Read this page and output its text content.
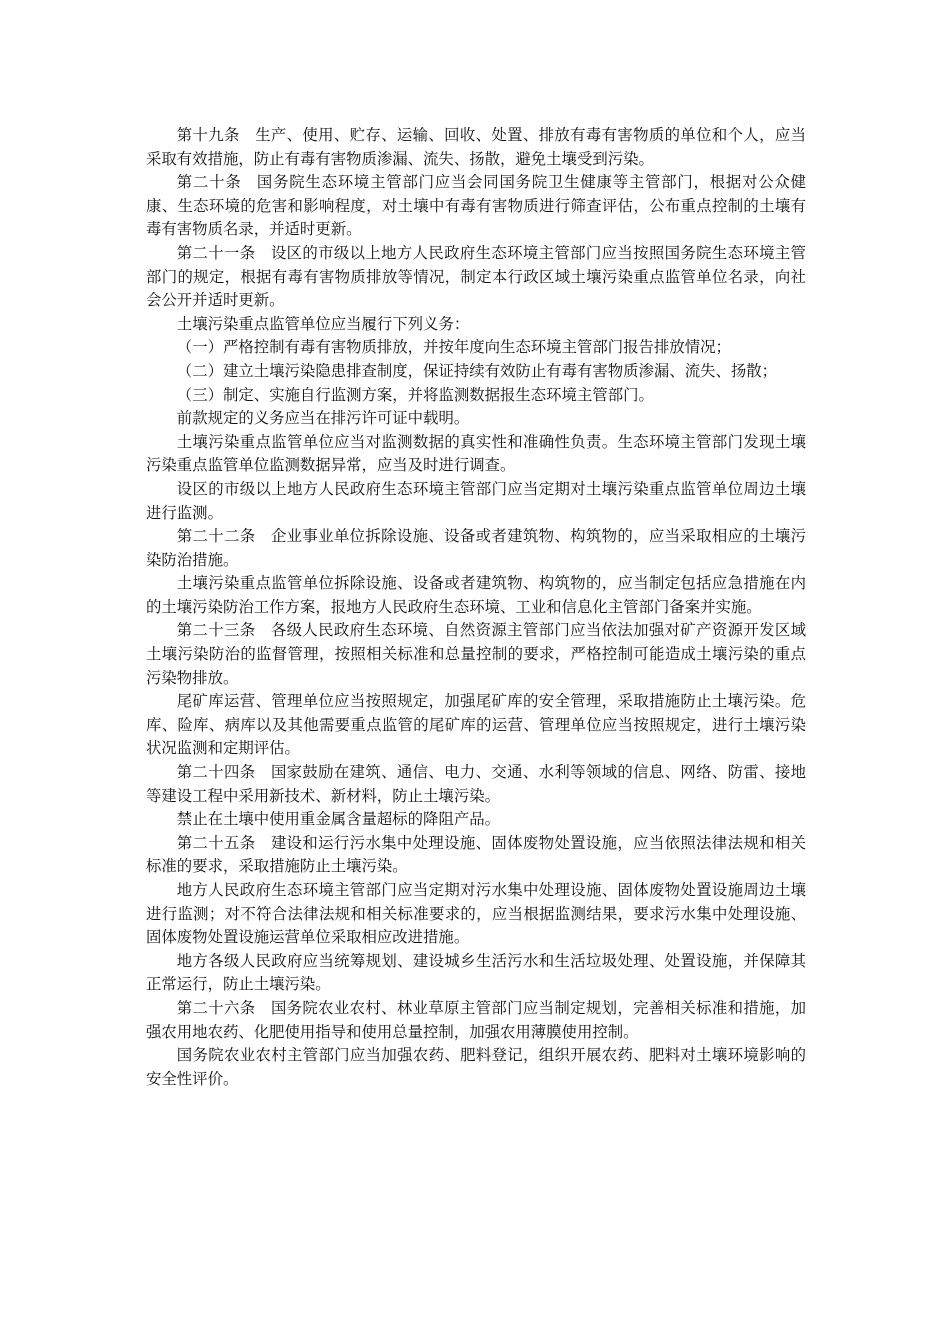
第十九条 生产、使用、贮存、运输、回收、处置、排放有毒有害物质的单位和个人，应当采取有效措施，防止有毒有害物质渗漏、流失、扬散，避免土壤受到污染。

第二十条 国务院生态环境主管部门应当会同国务院卫生健康等主管部门，根据对公众健康、生态环境的危害和影响程度，对土壤中有毒有害物质进行筛查评估，公布重点控制的土壤有毒有害物质名录，并适时更新。

第二十一条 设区的市级以上地方人民政府生态环境主管部门应当按照国务院生态环境主管部门的规定，根据有毒有害物质排放等情况，制定本行政区域土壤污染重点监管单位名录，向社会公开并适时更新。

土壤污染重点监管单位应当履行下列义务：

（一）严格控制有毒有害物质排放，并按年度向生态环境主管部门报告排放情况；

（二）建立土壤污染隐患排查制度，保证持续有效防止有毒有害物质渗漏、流失、扬散；

（三）制定、实施自行监测方案，并将监测数据报生态环境主管部门。

前款规定的义务应当在排污许可证中载明。

土壤污染重点监管单位应当对监测数据的真实性和准确性负责。生态环境主管部门发现土壤污染重点监管单位监测数据异常，应当及时进行调查。

设区的市级以上地方人民政府生态环境主管部门应当定期对土壤污染重点监管单位周边土壤进行监测。

第二十二条 企业事业单位拆除设施、设备或者建筑物、构筑物的，应当采取相应的土壤污染防治措施。

土壤污染重点监管单位拆除设施、设备或者建筑物、构筑物的，应当制定包括应急措施在内的土壤污染防治工作方案，报地方人民政府生态环境、工业和信息化主管部门备案并实施。

第二十三条 各级人民政府生态环境、自然资源主管部门应当依法加强对矿产资源开发区域土壤污染防治的监督管理，按照相关标准和总量控制的要求，严格控制可能造成土壤污染的重点污染物排放。

尾矿库运营、管理单位应当按照规定，加强尾矿库的安全管理，采取措施防止土壤污染。危库、险库、病库以及其他需要重点监管的尾矿库的运营、管理单位应当按照规定，进行土壤污染状况监测和定期评估。

第二十四条 国家鼓励在建筑、通信、电力、交通、水利等领域的信息、网络、防雷、接地等建设工程中采用新技术、新材料，防止土壤污染。

禁止在土壤中使用重金属含量超标的降阻产品。

第二十五条 建设和运行污水集中处理设施、固体废物处置设施，应当依照法律法规和相关标准的要求，采取措施防止土壤污染。

地方人民政府生态环境主管部门应当定期对污水集中处理设施、固体废物处置设施周边土壤进行监测；对不符合法律法规和相关标准要求的，应当根据监测结果，要求污水集中处理设施、固体废物处置设施运营单位采取相应改进措施。

地方各级人民政府应当统筹规划、建设城乡生活污水和生活垃圾处理、处置设施，并保障其正常运行，防止土壤污染。

第二十六条 国务院农业农村、林业草原主管部门应当制定规划，完善相关标准和措施，加强农用地农药、化肥使用指导和使用总量控制，加强农用薄膜使用控制。

国务院农业农村主管部门应当加强农药、肥料登记，组织开展农药、肥料对土壤环境影响的安全性评价。
